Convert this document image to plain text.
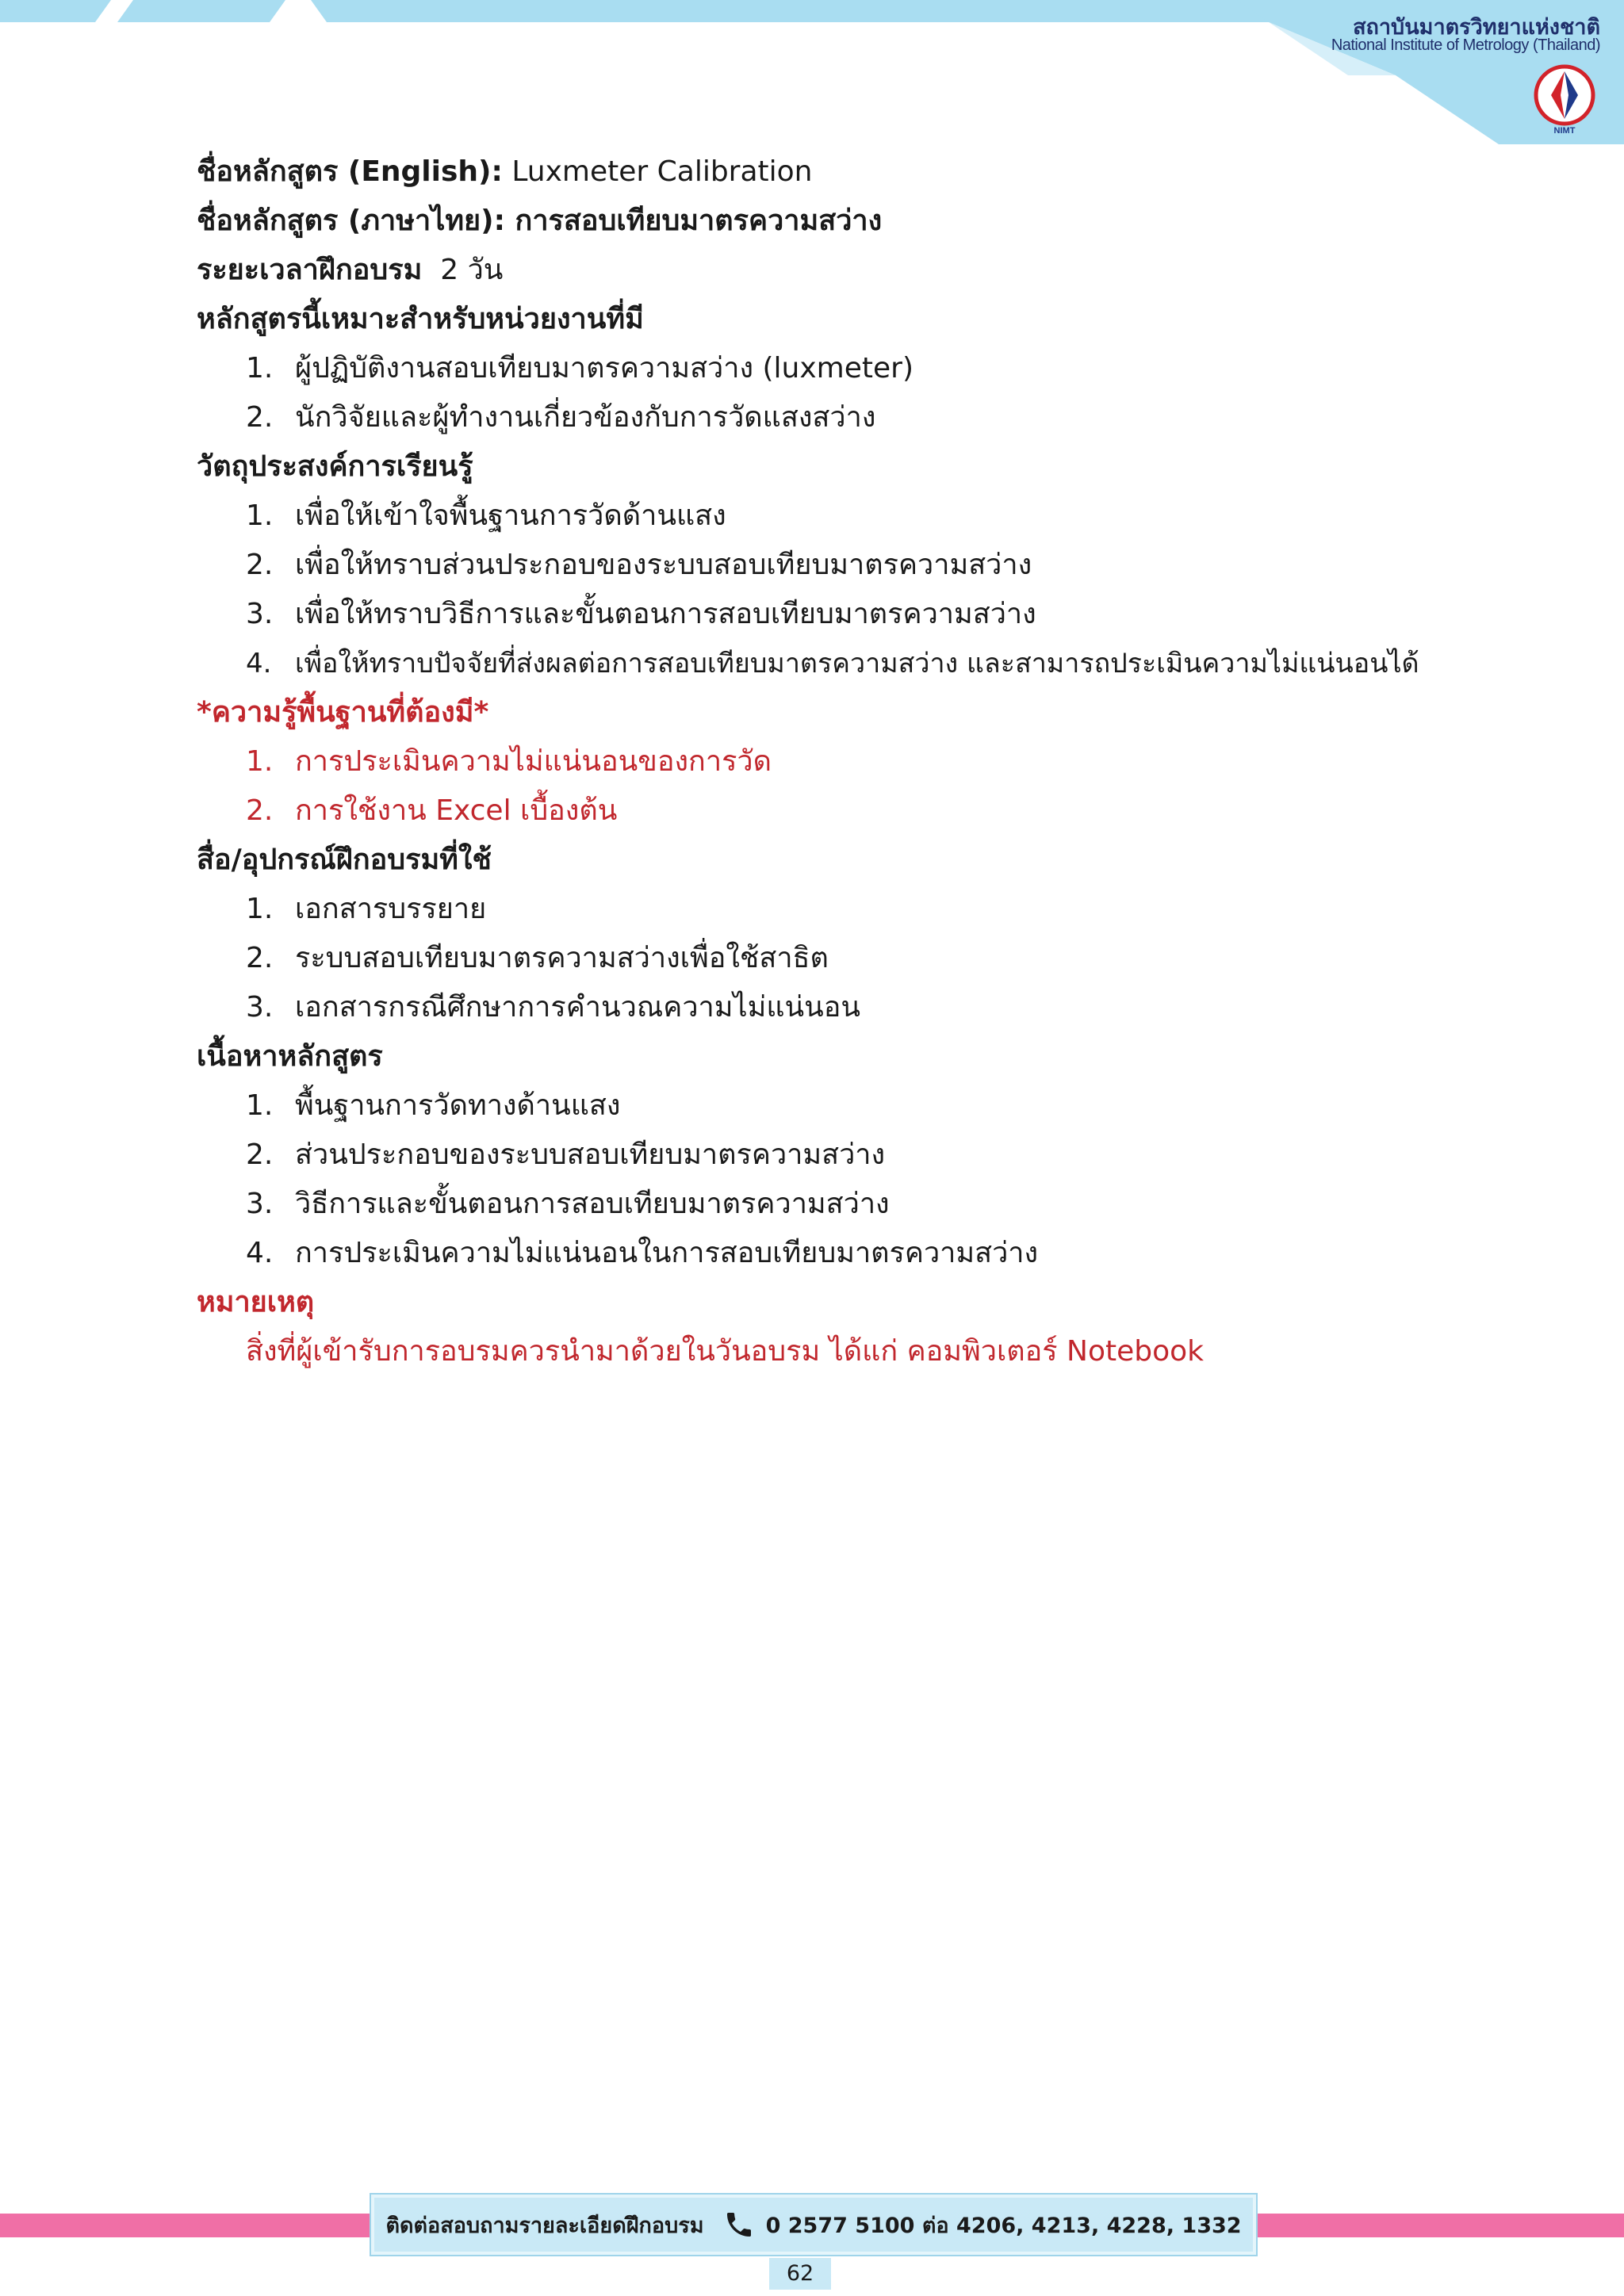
สถาบันมาตรวิทยาแห่งชาติ
National Institute of Metrology (Thailand)
NIMT
ชื่อหลักสูตร (English): Luxmeter Calibration
ชื่อหลักสูตร (ภาษาไทย): การสอบเทียบมาตรความสว่าง
ระยะเวลาฝึกอบรม 2 วัน
หลักสูตรนี้เหมาะสำหรับหน่วยงานที่มี
1. ผู้ปฏิบัติงานสอบเทียบมาตรความสว่าง (luxmeter)
2. นักวิจัยและผู้ทำงานเกี่ยวข้องกับการวัดแสงสว่าง
วัตถุประสงค์การเรียนรู้
1. เพื่อให้เข้าใจพื้นฐานการวัดด้านแสง
2. เพื่อให้ทราบส่วนประกอบของระบบสอบเทียบมาตรความสว่าง
3. เพื่อให้ทราบวิธีการและขั้นตอนการสอบเทียบมาตรความสว่าง
4. เพื่อให้ทราบปัจจัยที่ส่งผลต่อการสอบเทียบมาตรความสว่าง และสามารถประเมินความไม่แน่นอนได้
*ความรู้พื้นฐานที่ต้องมี*
1. การประเมินความไม่แน่นอนของการวัด
2. การใช้งาน Excel เบื้องต้น
สื่อ/อุปกรณ์ฝึกอบรมที่ใช้
1. เอกสารบรรยาย
2. ระบบสอบเทียบมาตรความสว่างเพื่อใช้สาธิต
3. เอกสารกรณีศึกษาการคำนวณความไม่แน่นอน
เนื้อหาหลักสูตร
1. พื้นฐานการวัดทางด้านแสง
2. ส่วนประกอบของระบบสอบเทียบมาตรความสว่าง
3. วิธีการและขั้นตอนการสอบเทียบมาตรความสว่าง
4. การประเมินความไม่แน่นอนในการสอบเทียบมาตรความสว่าง
หมายเหตุ
สิ่งที่ผู้เข้ารับการอบรมควรนำมาด้วยในวันอบรม ได้แก่ คอมพิวเตอร์ Notebook
ติดต่อสอบถามรายละเอียดฝึกอบรม	0 2577 5100 ต่อ 4206, 4213, 4228, 1332
62
